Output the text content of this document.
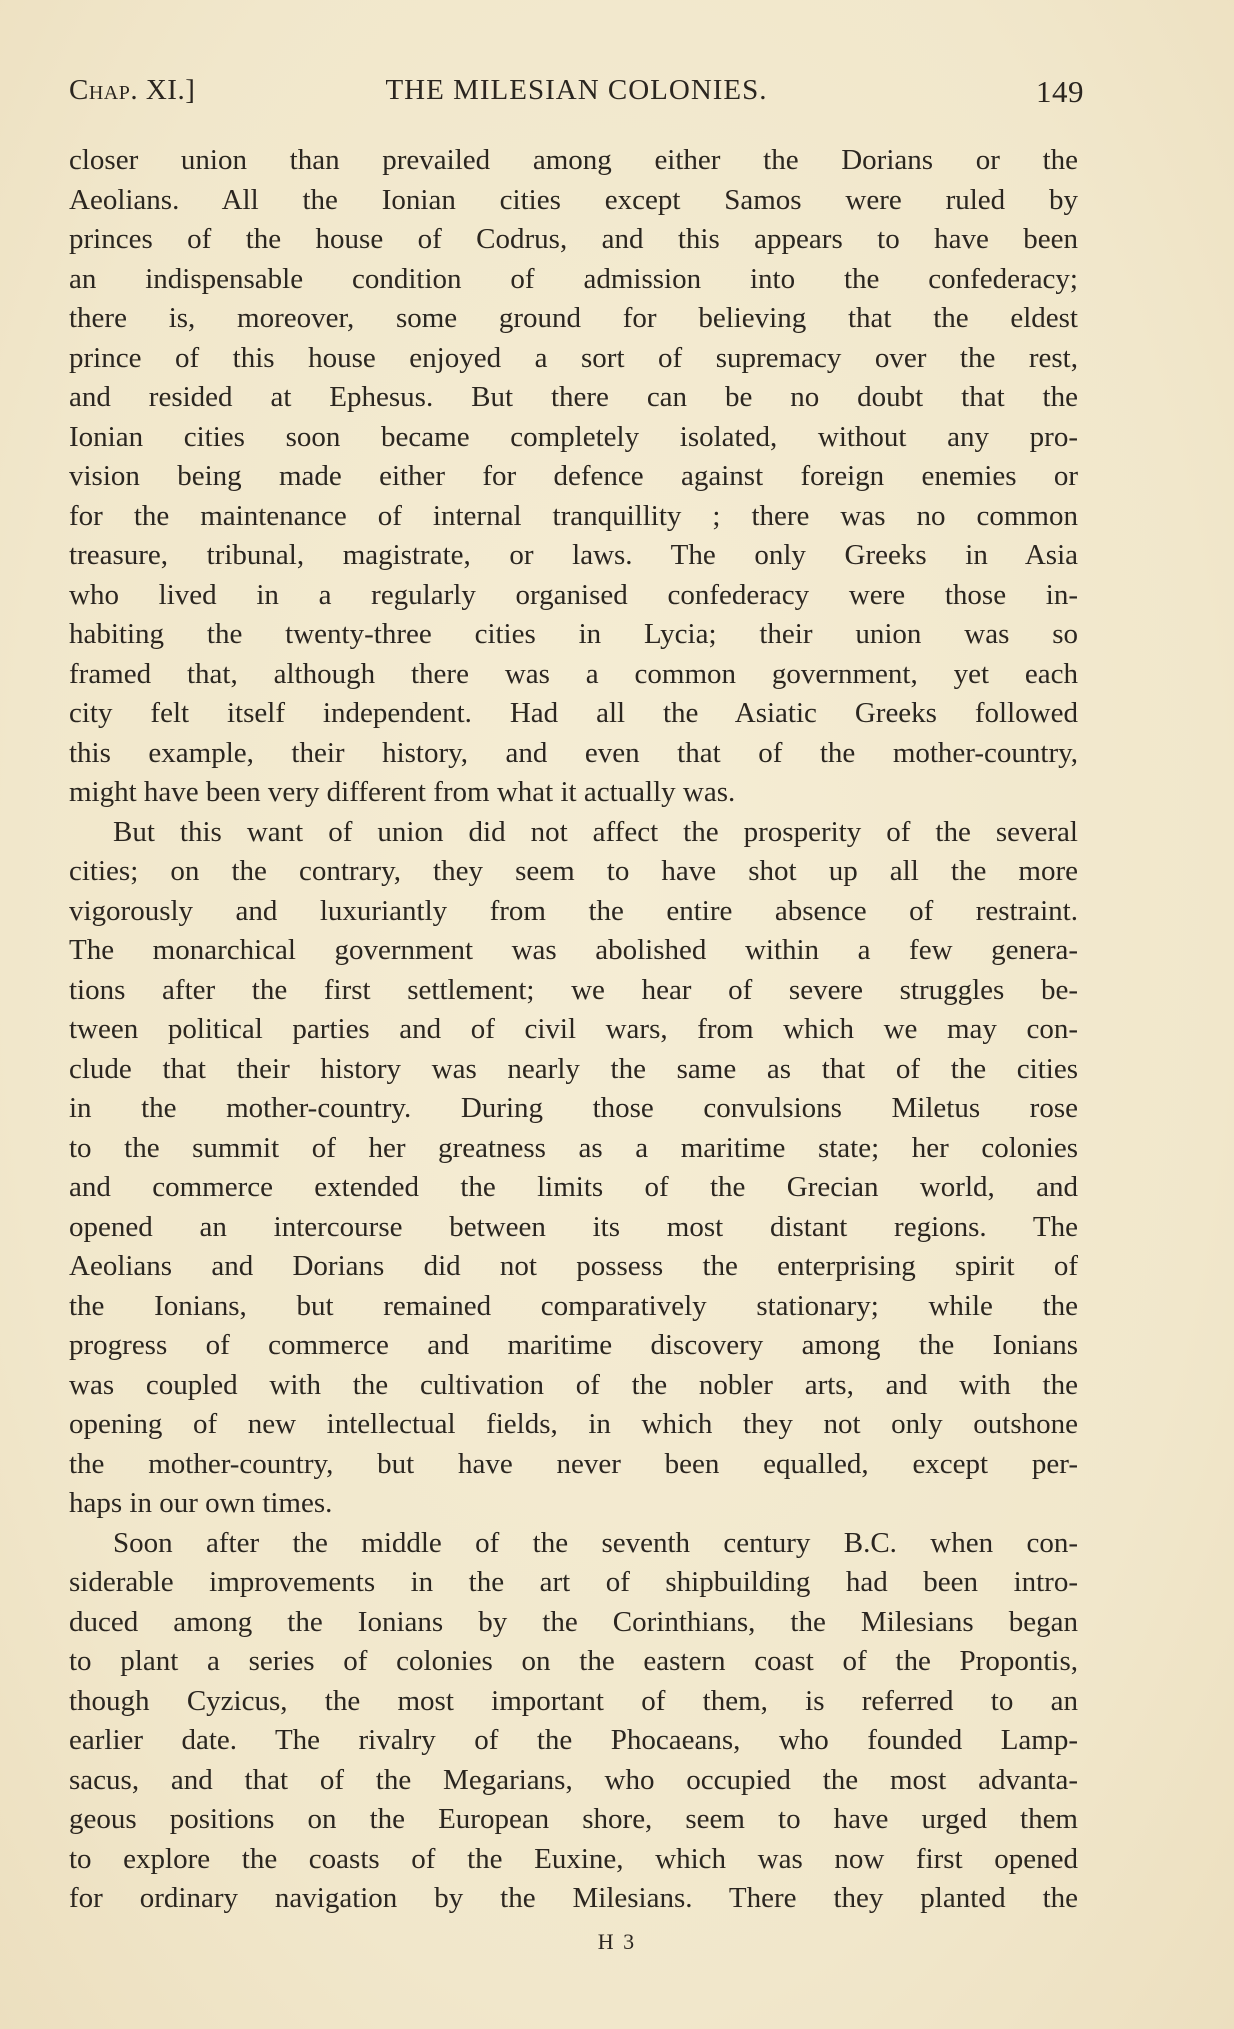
Chap. XI.]	THE MILESIAN COLONIES.	149
closer union than prevailed among either the Dorians or the
Aeolians. All the Ionian cities except Samos were ruled by
princes of the house of Codrus, and this appears to have been
an indispensable condition of admission into the confederacy;
there is, moreover, some ground for believing that the eldest
prince of this house enjoyed a sort of supremacy over the rest,
and resided at Ephesus. But there can be no doubt that the
Ionian cities soon became completely isolated, without any pro-
vision being made either for defence against foreign enemies or
for the maintenance of internal tranquillity ; there was no common
treasure, tribunal, magistrate, or laws. The only Greeks in Asia
who lived in a regularly organised confederacy were those in-
habiting the twenty-three cities in Lycia; their union was so
framed that, although there was a common government, yet each
city felt itself independent. Had all the Asiatic Greeks followed
this example, their history, and even that of the mother-country,
might have been very different from what it actually was.
But this want of union did not affect the prosperity of the several
cities; on the contrary, they seem to have shot up all the more
vigorously and luxuriantly from the entire absence of restraint.
The monarchical government was abolished within a few genera-
tions after the first settlement; we hear of severe struggles be-
tween political parties and of civil wars, from which we may con-
clude that their history was nearly the same as that of the cities
in the mother-country. During those convulsions Miletus rose
to the summit of her greatness as a maritime state; her colonies
and commerce extended the limits of the Grecian world, and
opened an intercourse between its most distant regions. The
Aeolians and Dorians did not possess the enterprising spirit of
the Ionians, but remained comparatively stationary; while the
progress of commerce and maritime discovery among the Ionians
was coupled with the cultivation of the nobler arts, and with the
opening of new intellectual fields, in which they not only outshone
the mother-country, but have never been equalled, except per-
haps in our own times.
Soon after the middle of the seventh century B.C. when con-
siderable improvements in the art of shipbuilding had been intro-
duced among the Ionians by the Corinthians, the Milesians began
to plant a series of colonies on the eastern coast of the Propontis,
though Cyzicus, the most important of them, is referred to an
earlier date. The rivalry of the Phocaeans, who founded Lamp-
sacus, and that of the Megarians, who occupied the most advanta-
geous positions on the European shore, seem to have urged them
to explore the coasts of the Euxine, which was now first opened
for ordinary navigation by the Milesians. There they planted the
H 3
